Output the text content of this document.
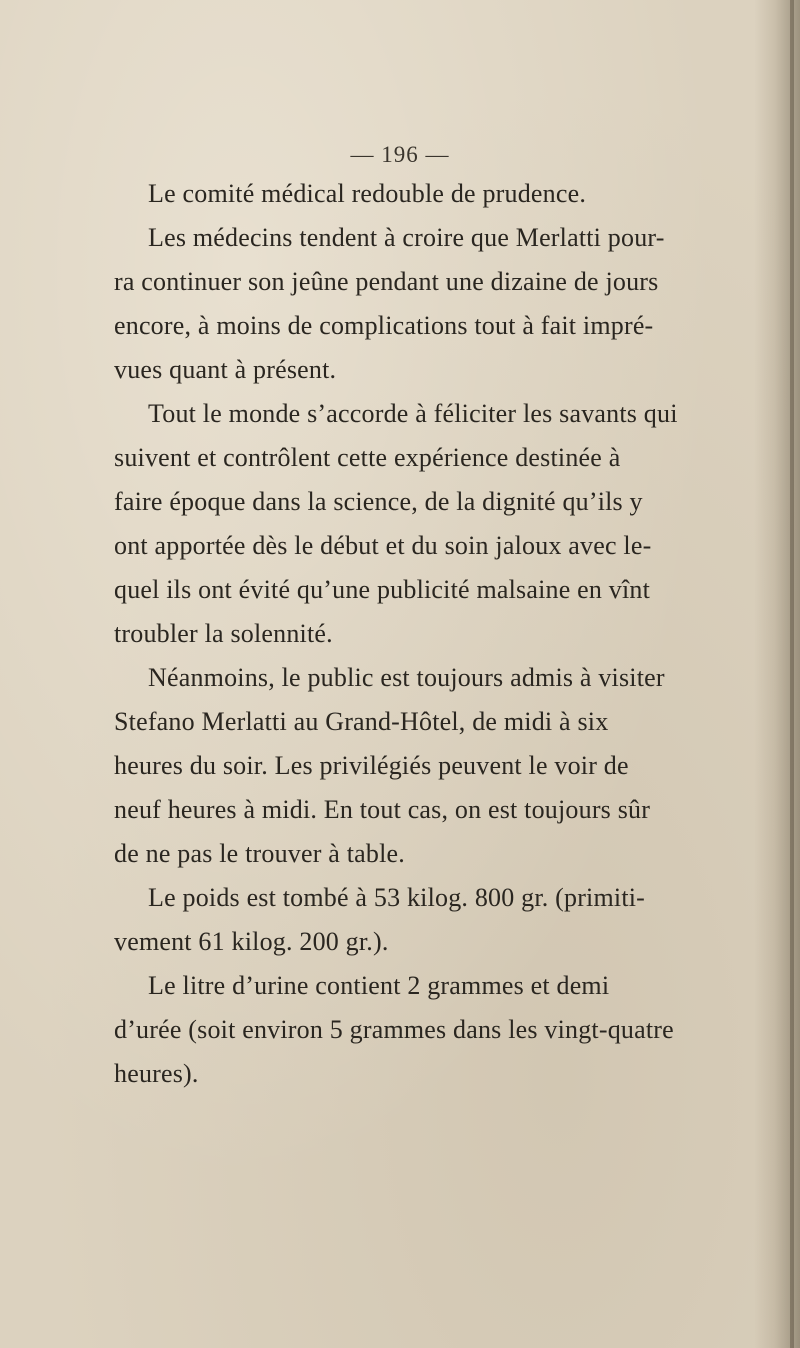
— 196 —
Le comité médical redouble de prudence.
Les médecins tendent à croire que Merlatti pour-
ra continuer son jeûne pendant une dizaine de jours
encore, à moins de complications tout à fait impré-
vues quant à présent.
Tout le monde s’accorde à féliciter les savants qui
suivent et contrôlent cette expérience destinée à
faire époque dans la science, de la dignité qu’ils y
ont apportée dès le début et du soin jaloux avec le-
quel ils ont évité qu’une publicité malsaine en vînt
troubler la solennité.
Néanmoins, le public est toujours admis à visiter
Stefano Merlatti au Grand-Hôtel, de midi à six
heures du soir. Les privilégiés peuvent le voir de
neuf heures à midi. En tout cas, on est toujours sûr
de ne pas le trouver à table.
Le poids est tombé à 53 kilog. 800 gr. (primiti-
vement 61 kilog. 200 gr.).
Le litre d’urine contient 2 grammes et demi
d’urée (soit environ 5 grammes dans les vingt-quatre
heures).
